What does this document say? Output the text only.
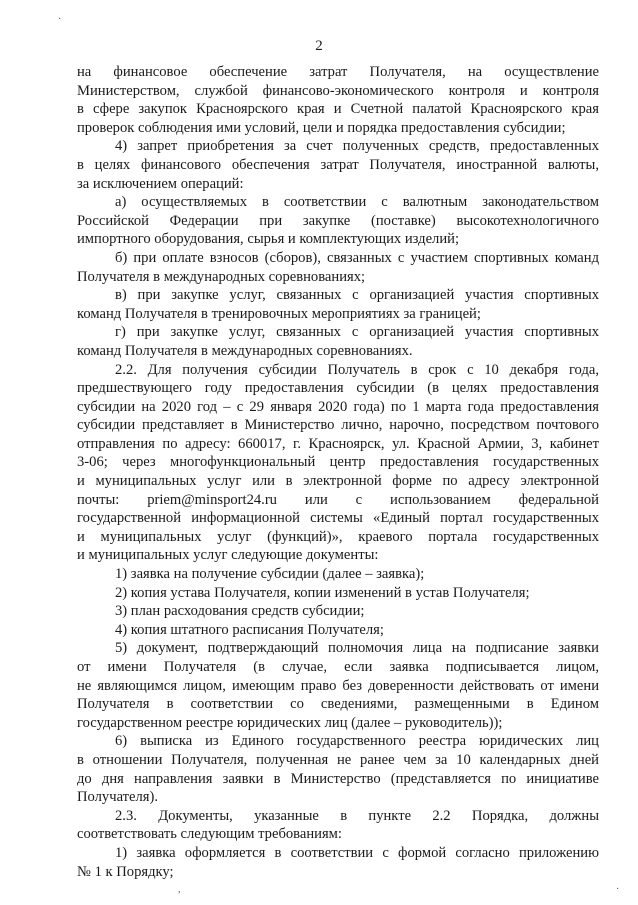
2
на финансовое обеспечение затрат Получателя, на осуществление
Министерством, службой финансово-экономического контроля и контроля
в сфере закупок Красноярского края и Счетной палатой Красноярского края
проверок соблюдения ими условий, цели и порядка предоставления субсидии;
4) запрет приобретения за счет полученных средств, предоставленных
в целях финансового обеспечения затрат Получателя, иностранной валюты,
за исключением операций:
а) осуществляемых в соответствии с валютным законодательством
Российской Федерации при закупке (поставке) высокотехнологичного
импортного оборудования, сырья и комплектующих изделий;
б) при оплате взносов (сборов), связанных с участием спортивных команд
Получателя в международных соревнованиях;
в) при закупке услуг, связанных с организацией участия спортивных
команд Получателя в тренировочных мероприятиях за границей;
г) при закупке услуг, связанных с организацией участия спортивных
команд Получателя в международных соревнованиях.
2.2. Для получения субсидии Получатель в срок с 10 декабря года,
предшествующего году предоставления субсидии (в целях предоставления
субсидии на 2020 год – с 29 января 2020 года) по 1 марта года предоставления
субсидии представляет в Министерство лично, нарочно, посредством почтового
отправления по адресу: 660017, г. Красноярск, ул. Красной Армии, 3, кабинет
3-06; через многофункциональный центр предоставления государственных
и муниципальных услуг или в электронной форме по адресу электронной
почты: priem@minsport24.ru или с использованием федеральной
государственной информационной системы «Единый портал государственных
и муниципальных услуг (функций)», краевого портала государственных
и муниципальных услуг следующие документы:
1) заявка на получение субсидии (далее – заявка);
2) копия устава Получателя, копии изменений в устав Получателя;
3) план расходования средств субсидии;
4) копия штатного расписания Получателя;
5) документ, подтверждающий полномочия лица на подписание заявки
от имени Получателя (в случае, если заявка подписывается лицом,
не являющимся лицом, имеющим право без доверенности действовать от имени
Получателя в соответствии со сведениями, размещенными в Едином
государственном реестре юридических лиц (далее – руководитель));
6) выписка из Единого государственного реестра юридических лиц
в отношении Получателя, полученная не ранее чем за 10 календарных дней
до дня направления заявки в Министерство (представляется по инициативе
Получателя).
2.3. Документы, указанные в пункте 2.2 Порядка, должны
соответствовать следующим требованиям:
1) заявка оформляется в соответствии с формой согласно приложению
№ 1 к Порядку;
·
,	·
